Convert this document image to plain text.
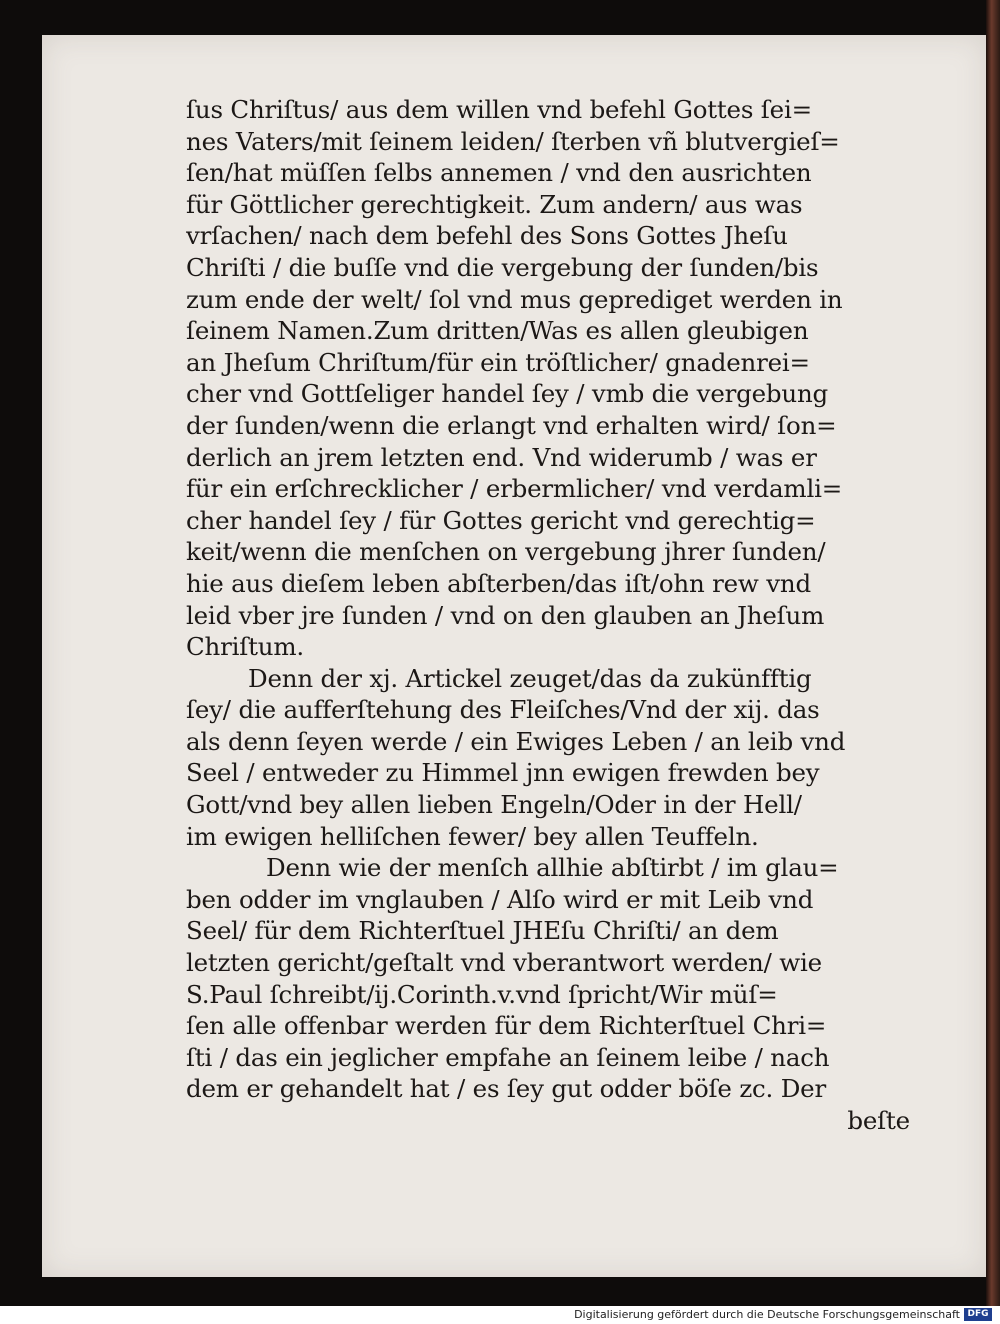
ſus Chriſtus/ aus dem willen vnd befehl Gottes ſei=
nes Vaters/mit ſeinem leiden/ ſterben vñ blutvergieſ=
ſen/hat müſſen ſelbs annemen / vnd den ausrichten
für Göttlicher gerechtigkeit. Zum andern/ aus was
vrſachen/ nach dem befehl des Sons Gottes Jheſu
Chriſti / die buſſe vnd die vergebung der ſunden/bis
zum ende der welt/ ſol vnd mus geprediget werden in
ſeinem Namen.Zum dritten/Was es allen gleubigen
an Jheſum Chriſtum/für ein tröſtlicher/ gnadenrei=
cher vnd Gottſeliger handel ſey / vmb die vergebung
der ſunden/wenn die erlangt vnd erhalten wird/ ſon=
derlich an jrem letzten end. Vnd widerumb / was er
für ein erſchrecklicher / erbermlicher/ vnd verdamli=
cher handel ſey / für Gottes gericht vnd gerechtig=
keit/wenn die menſchen on vergebung jhrer ſunden/
hie aus dieſem leben abſterben/das iſt/ohn rew vnd
leid vber jre ſunden / vnd on den glauben an Jheſum
Chriſtum.
Denn der xj. Artickel zeuget/das da zukünfftig
ſey/ die aufferſtehung des Fleiſches/Vnd der xij. das
als denn ſeyen werde / ein Ewiges Leben / an leib vnd
Seel / entweder zu Himmel jnn ewigen frewden bey
Gott/vnd bey allen lieben Engeln/Oder in der Hell/
im ewigen helliſchen fewer/ bey allen Teuffeln.
Denn wie der menſch allhie abſtirbt / im glau=
ben odder im vnglauben / Alſo wird er mit Leib vnd
Seel/ für dem Richterſtuel JHEſu Chriſti/ an dem
letzten gericht/geſtalt vnd vberantwort werden/ wie
S.Paul ſchreibt/ij.Corinth.v.vnd ſpricht/Wir müſ=
ſen alle offenbar werden für dem Richterſtuel Chri=
ſti / das ein jeglicher empfahe an ſeinem leibe / nach
dem er gehandelt hat / es ſey gut odder böſe zc. Der
beſte
Digitalisierung gefördert durch die Deutsche Forschungsgemeinschaft DFG
